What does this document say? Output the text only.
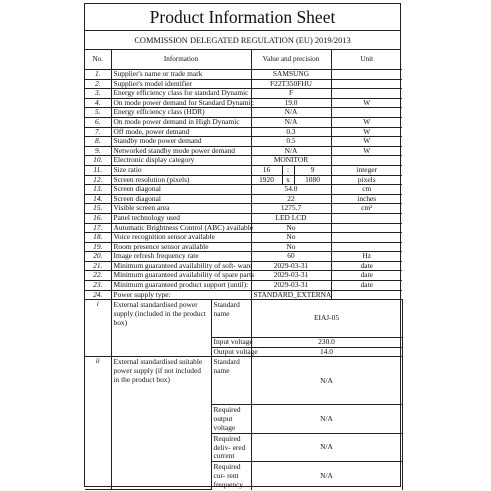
Product Information Sheet
COMMISSION DELEGATED REGULATION (EU) 2019/2013
No.	Information		Value and precision			Unit	
1.	Supplier's name or trade mark		SAMSUNG				
2.	Supplier's model identifier		F22T350FHU				
3.	Energy efficiency class for standard Dynamic		F				
4.	On mode power demand for Standard Dynamic		19.0			W	
5.	Energy efficiency class (HDR)		N/A				
6.	On mode power demand in High Dynamic		N/A			W	
7.	Off mode, power demand		0.3			W	
8.	Standby mode power demand		0.5			W	
9.	Networked standby mode power demand		N/A			W	
10.	Electronic display category		MONITOR				
11.	Size ratio		16	:	9	integer	
12.	Screen resolution (pixels)		1920	x	1080	pixels	
13.	Screen diagonal		54.0			cm	
14.	Screen diagonal		22			inches	
15.	Visible screen area		1275.7			cm²	
16.	Panel technology used		LED LCD				
17.	Automatic Brightness Control (ABC) available		No				
18.	Voice recognition sensor available		No				
19.	Room presence sensor available		No				
20.	Image refresh frequency rate		60			Hz	
21.	Minimum guaranteed availability of soft- ware		2029-03-31			date	
22.	Minimum guaranteed availability of spare parts		2029-03-31			date	
23.	Minimum guaranteed product support (until):		2029-03-31			date	
24.	Power supply type:		STANDARD_EXTERNA				
i	External standardised power supply (included in the product box)	Standard name	EIAJ-05				
		Input voltage	230.0	
		Output voltage	14.0	
ii	External standardised suitable power supply (if not included in the product box)	Standard name	N/A				
		Required output voltage	N/A	
		Required deliv- ered current	N/A	
		Required cur- rent frequency	N/A	
